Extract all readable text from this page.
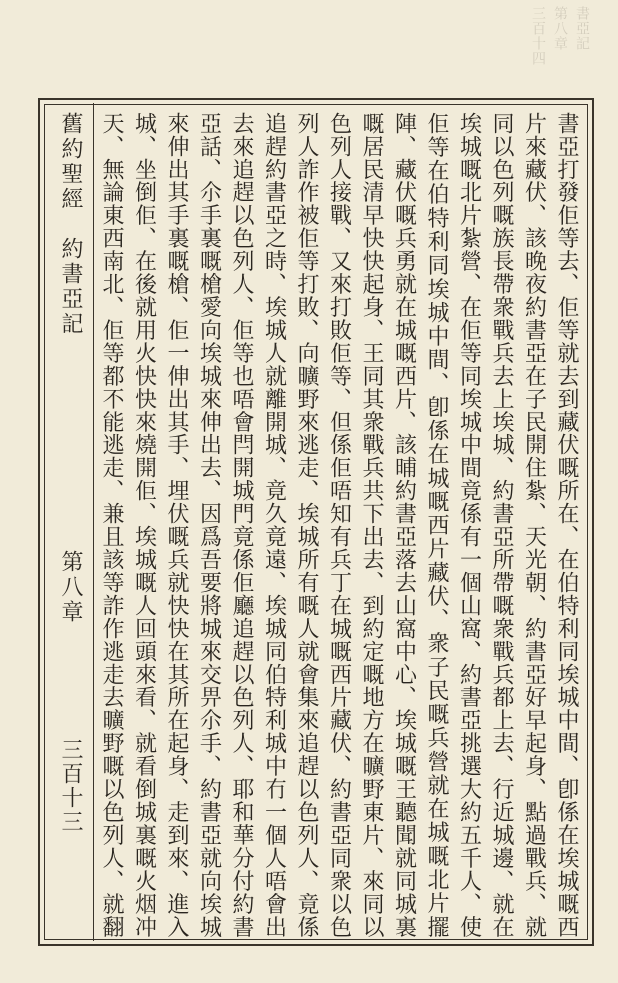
書亞記
第八章
三百十四
舊約聖經　約書亞記
第八章
三百十三

書亞打發佢等去、佢等就去到藏伏嘅所在、在伯特利同埃城中間、卽係在埃城嘅西片來藏伏、該晚夜約書亞在子民開住紮、天光朝、約書亞好早起身、點過戰兵、就同以色列嘅族長帶衆戰兵去上埃城、約書亞所帶嘅衆戰兵都上去、行近城邊、就在埃城嘅北片紮營、在佢等同埃城中間竟係有一個山窩、約書亞挑選大約五千人、使佢等在伯特利同埃城中間、卽係在城嘅西片藏伏、衆子民嘅兵營就在城嘅北片擺陣、藏伏嘅兵勇就在城嘅西片、該晡約書亞落去山窩中心、埃城嘅王聽聞就同城裏嘅居民清早快快起身、王同其衆戰兵共下出去、到約定嘅地方在曠野東片、來同以色列人接戰、又來打敗佢等、但係佢唔知有兵丁在城嘅西片藏伏、約書亞同衆以色列人詐作被佢等打敗、向曠野來逃走、埃城所有嘅人就會集來追趕以色列人、竟係追趕約書亞之時、埃城人就離開城、竟久竟遠、埃城同伯特利城中冇一個人唔會出去來追趕以色列人、佢等也唔會閂開城門竟係佢廳追趕以色列人、耶和華分付約書亞話、尒手裏嘅槍愛向埃城來伸出去、因爲吾要將城來交畀尒手、約書亞就向埃城來伸出其手裏嘅槍、佢一伸出其手、埋伏嘅兵就快快在其所在起身、走到來、進入城、坐倒佢、在後就用火快快來燒開佢、埃城嘅人回頭來看、就看倒城裏嘅火烟冲天、無論東西南北、佢等都不能逃走、兼且該等詐作逃走去曠野嘅以色列人、就翻
